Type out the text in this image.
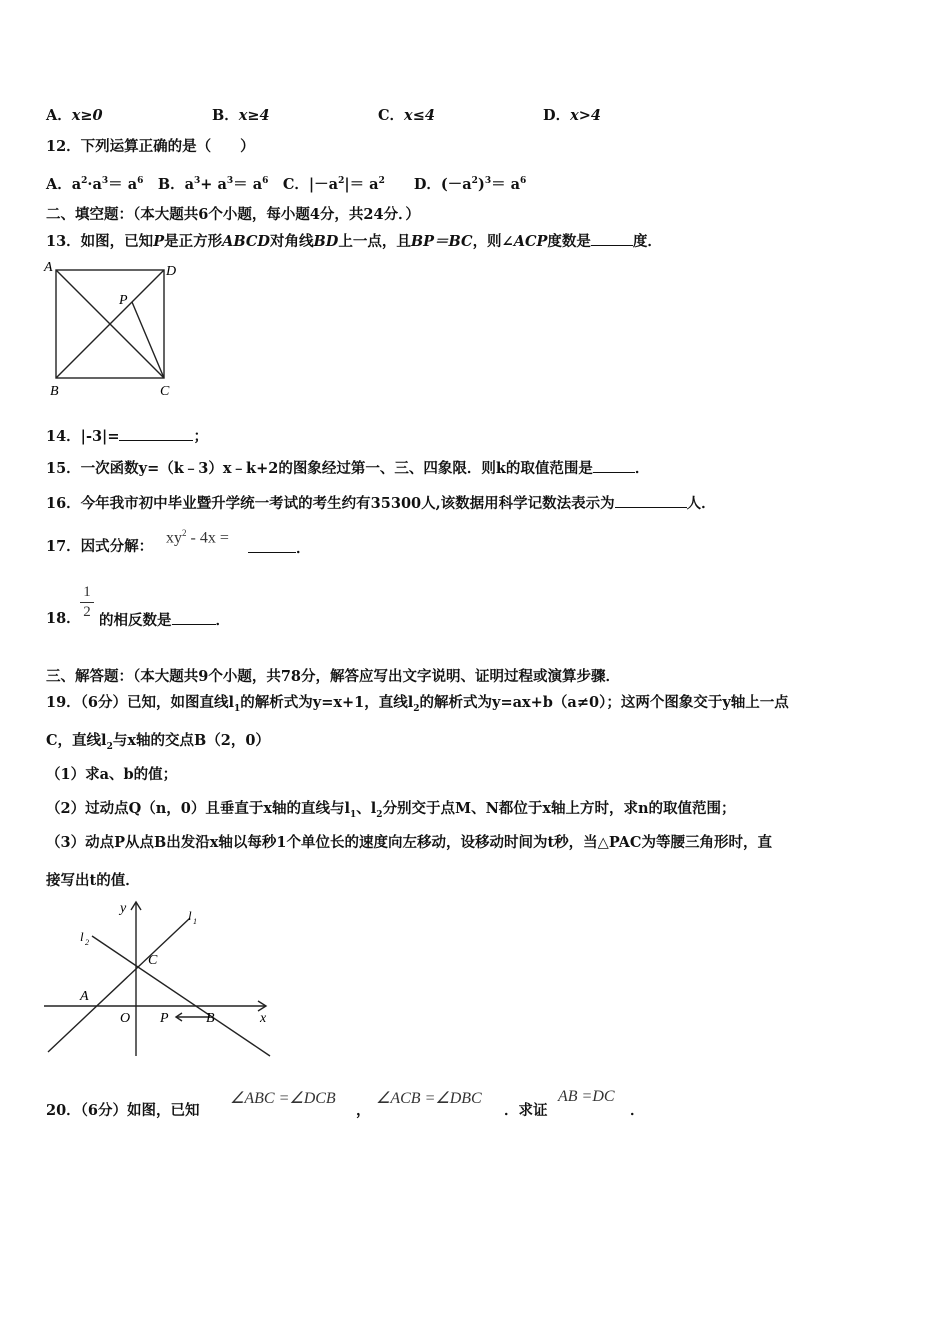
A．x≥0	B．x≥4	C．x≤4	D．x>4
12．下列运算正确的是（　　）
A．$a^2\cdot a^3= a^6$　B．$a^3+ a^3= a^6$　C．$|-a^2|= a^2$　　D．$(-a^2)^3= a^6$
二、填空题：（本大题共6个小题，每小题4分，共24分．）
13．如图，已知P是正方形ABCD对角线BD上一点，且BP＝BC，则∠ACP度数是	度．
A	D
P
B	C
14．|-3|=	；
15．一次函数y=（k﹣3）x﹣k+2的图象经过第一、三、四象限．则k的取值范围是	．
16．今年我市初中毕业暨升学统一考试的考生约有35300人,该数据用科学记数法表示为	人．
17．因式分解：
$xy^2 - 4x$ =
．
18．
1
2 的相反数是	．
三、解答题：（本大题共9个小题，共78分，解答应写出文字说明、证明过程或演算步骤．
19．（6分）已知，如图直线$l_1$的解析式为y=x+1，直线$l_2$的解析式为y=ax+b（a≠0）；这两个图象交于y轴上一点
C，直线$l_2$与x轴的交点B（2，0）
（1）求a、b的值；
（2）过动点Q（n，0）且垂直于x轴的直线与$l_1$、$l_2$分别交于点M、N都位于x轴上方时，求n的取值范围；
（3）动点P从点B出发沿x轴以每秒1个单位长的速度向左移动，设移动时间为t秒，当△PAC为等腰三角形时，直
接写出t的值．
y	l 1
l 2
C
A
O P	B	x
20．（6分）如图，已知
∠ABC =∠DCB
，
∠ACB =∠DBC
．求证
AB =DC
．
